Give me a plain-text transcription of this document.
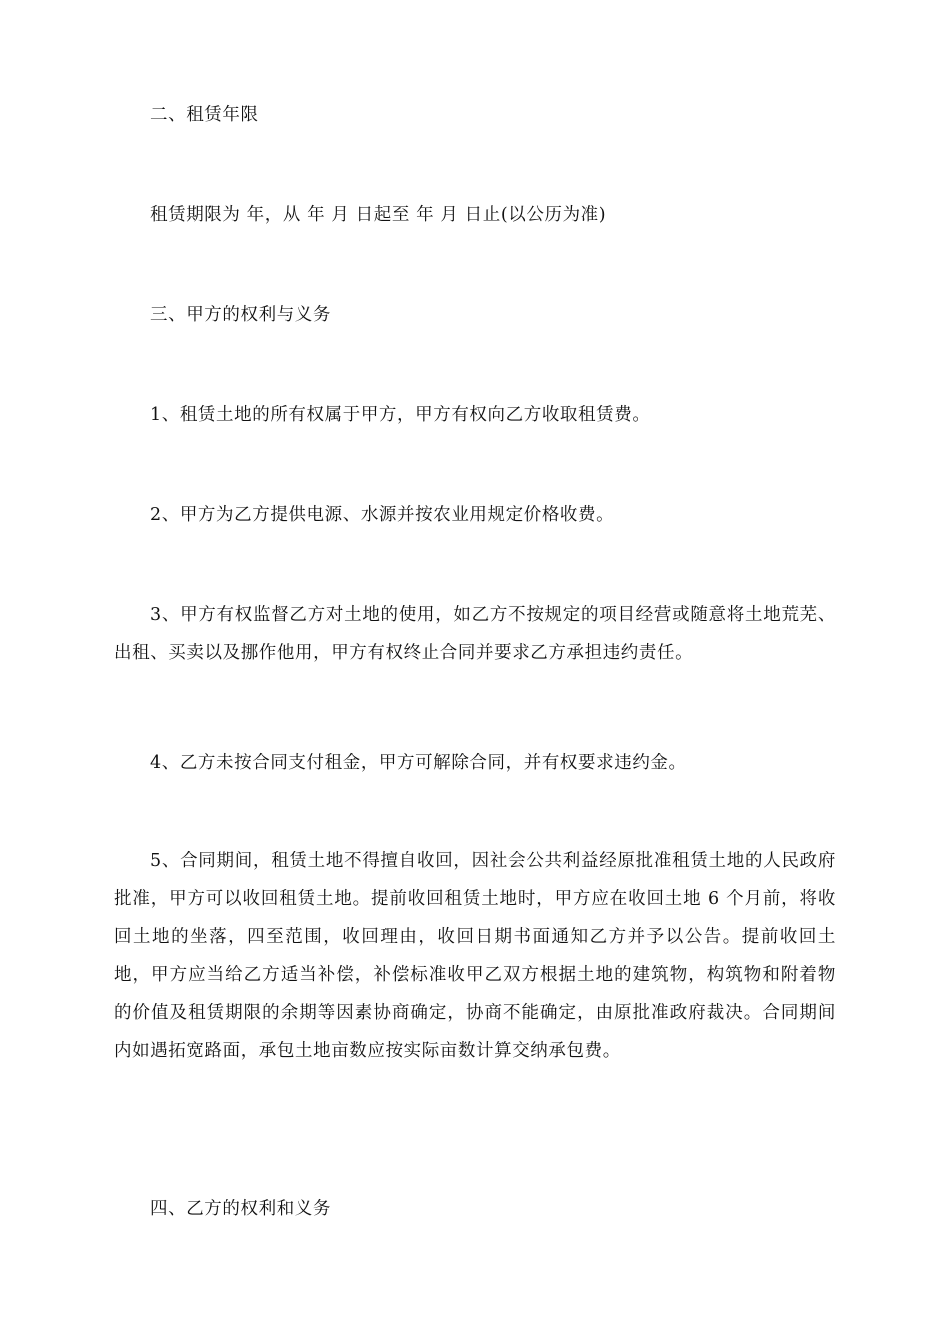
二、租赁年限

租赁期限为 年，从 年 月 日起至 年 月 日止(以公历为准)

三、甲方的权利与义务

1、租赁土地的所有权属于甲方，甲方有权向乙方收取租赁费。

2、甲方为乙方提供电源、水源并按农业用规定价格收费。

3、甲方有权监督乙方对土地的使用，如乙方不按规定的项目经营或随意将土地荒芜、出租、买卖以及挪作他用，甲方有权终止合同并要求乙方承担违约责任。

4、乙方未按合同支付租金，甲方可解除合同，并有权要求违约金。

5、合同期间，租赁土地不得擅自收回，因社会公共利益经原批准租赁土地的人民政府批准，甲方可以收回租赁土地。提前收回租赁土地时，甲方应在收回土地 6 个月前，将收回土地的坐落，四至范围，收回理由，收回日期书面通知乙方并予以公告。提前收回土地，甲方应当给乙方适当补偿，补偿标准收甲乙双方根据土地的建筑物，构筑物和附着物的价值及租赁期限的余期等因素协商确定，协商不能确定，由原批准政府裁决。合同期间内如遇拓宽路面，承包土地亩数应按实际亩数计算交纳承包费。

四、乙方的权利和义务
